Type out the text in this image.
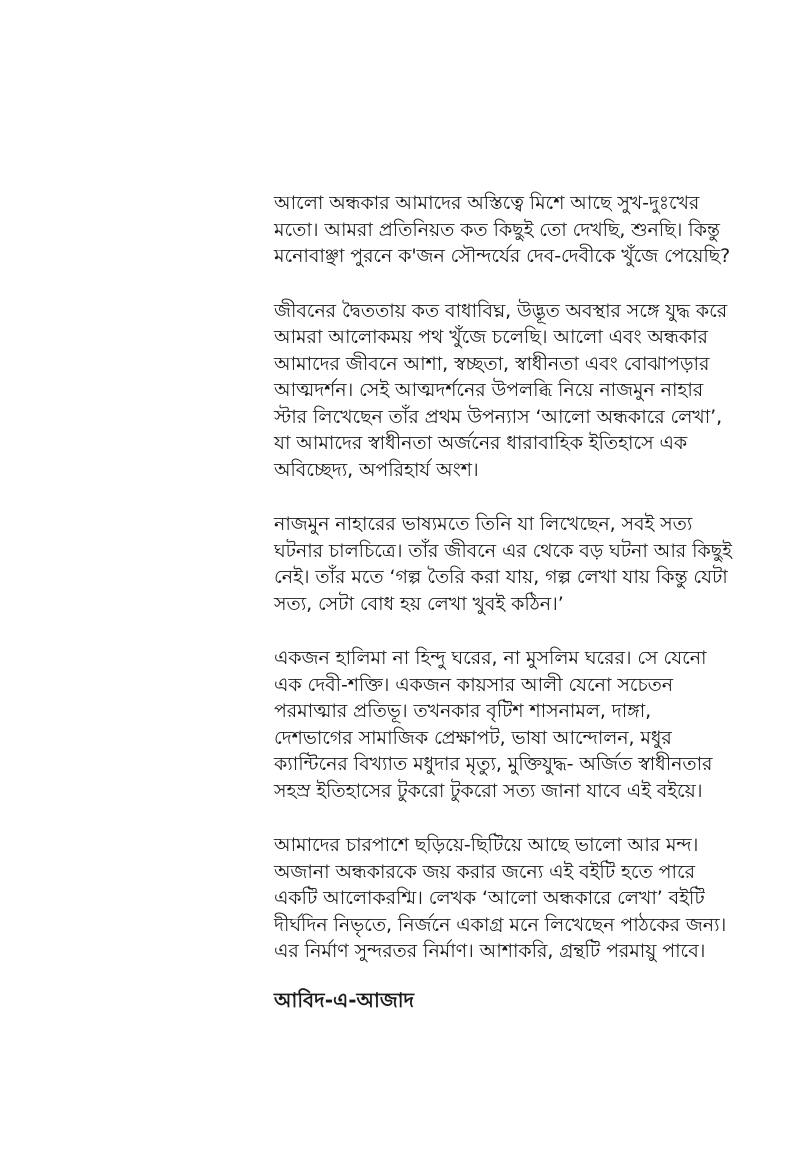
আলো অন্ধকার আমাদের অস্তিত্বে মিশে আছে সুখ-দুঃখের
মতো। আমরা প্রতিনিয়ত কত কিছুই তো দেখছি, শুনছি। কিন্তু
মনোবাঞ্ছা পুরনে ক'জন সৌন্দর্যের দেব-দেবীকে খুঁজে পেয়েছি?

জীবনের দ্বৈততায় কত বাধাবিঘ্ন, উদ্ভূত অবস্থার সঙ্গে যুদ্ধ করে
আমরা আলোকময় পথ খুঁজে চলেছি। আলো এবং অন্ধকার
আমাদের জীবনে আশা, স্বচ্ছতা, স্বাধীনতা এবং বোঝাপড়ার
আত্মদর্শন। সেই আত্মদর্শনের উপলব্ধি নিয়ে নাজমুন নাহার
স্টার লিখেছেন তাঁর প্রথম উপন্যাস ‘আলো অন্ধকারে লেখা’,
যা আমাদের স্বাধীনতা অর্জনের ধারাবাহিক ইতিহাসে এক
অবিচ্ছেদ্য, অপরিহার্য অংশ।

নাজমুন নাহারের ভাষ্যমতে তিনি যা লিখেছেন, সবই সত্য
ঘটনার চালচিত্রে। তাঁর জীবনে এর থেকে বড় ঘটনা আর কিছুই
নেই। তাঁর মতে ‘গল্প তৈরি করা যায়, গল্প লেখা যায় কিন্তু যেটা
সত্য, সেটা বোধ হয় লেখা খুবই কঠিন।’

একজন হালিমা না হিন্দু ঘরের, না মুসলিম ঘরের। সে যেনো
এক দেবী-শক্তি। একজন কায়সার আলী যেনো সচেতন
পরমাত্মার প্রতিভূ। তখনকার বৃটিশ শাসনামল, দাঙ্গা,
দেশভাগের সামাজিক প্রেক্ষাপট, ভাষা আন্দোলন, মধুর
ক্যান্টিনের বিখ্যাত মধুদার মৃত্যু, মুক্তিযুদ্ধ- অর্জিত স্বাধীনতার
সহস্র ইতিহাসের টুকরো টুকরো সত্য জানা যাবে এই বইয়ে।

আমাদের চারপাশে ছড়িয়ে-ছিটিয়ে আছে ভালো আর মন্দ।
অজানা অন্ধকারকে জয় করার জন্যে এই বইটি হতে পারে
একটি আলোকরশ্মি। লেখক ‘আলো অন্ধকারে লেখা’ বইটি
দীর্ঘদিন নিভৃতে, নির্জনে একাগ্র মনে লিখেছেন পাঠকের জন্য।
এর নির্মাণ সুন্দরতর নির্মাণ। আশাকরি, গ্রন্থটি পরমায়ু পাবে।

আবিদ-এ-আজাদ
